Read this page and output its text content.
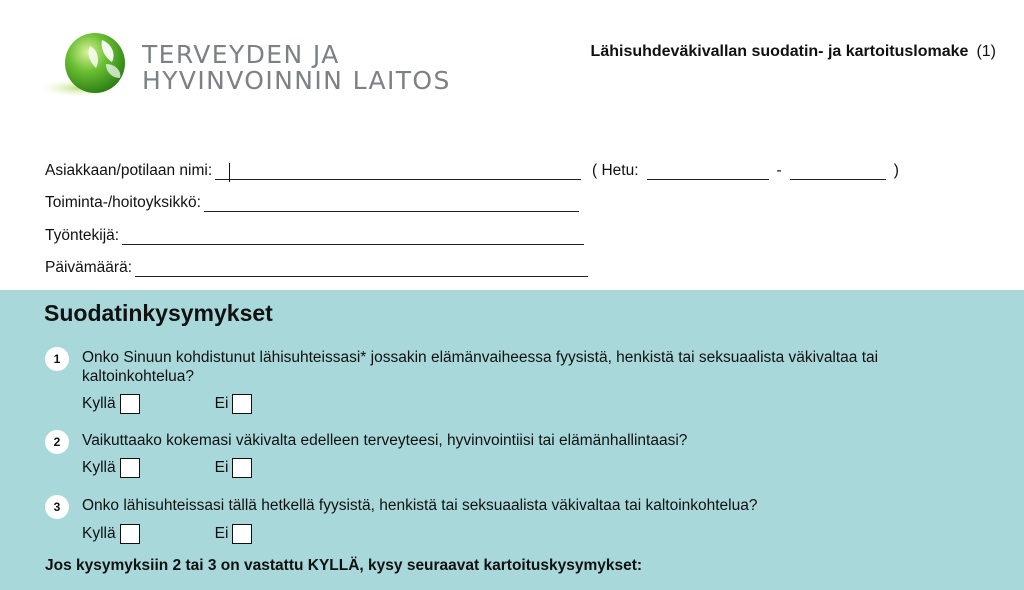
TERVEYDEN JA
HYVINVOINNIN LAITOS
Lähisuhdeväkivallan suodatin- ja kartoituslomake (1)
Asiakkaan/potilaan nimi:	( Hetu:	-	)
Toiminta-/hoitoyksikkö:
Työntekijä:
Päivämäärä:
Suodatinkysymykset
1	Onko Sinuun kohdistunut lähisuhteissasi* jossakin elämänvaiheessa fyysistä, henkistä tai seksuaalista väkivaltaa tai kaltoinkohtelua?
Kyllä	Ei
2	Vaikuttaako kokemasi väkivalta edelleen terveyteesi, hyvinvointiisi tai elämänhallintaasi?
Kyllä	Ei
3	Onko lähisuhteissasi tällä hetkellä fyysistä, henkistä tai seksuaalista väkivaltaa tai kaltoinkohtelua?
Kyllä	Ei
Jos kysymyksiin 2 tai 3 on vastattu KYLLÄ, kysy seuraavat kartoituskysymykset:
